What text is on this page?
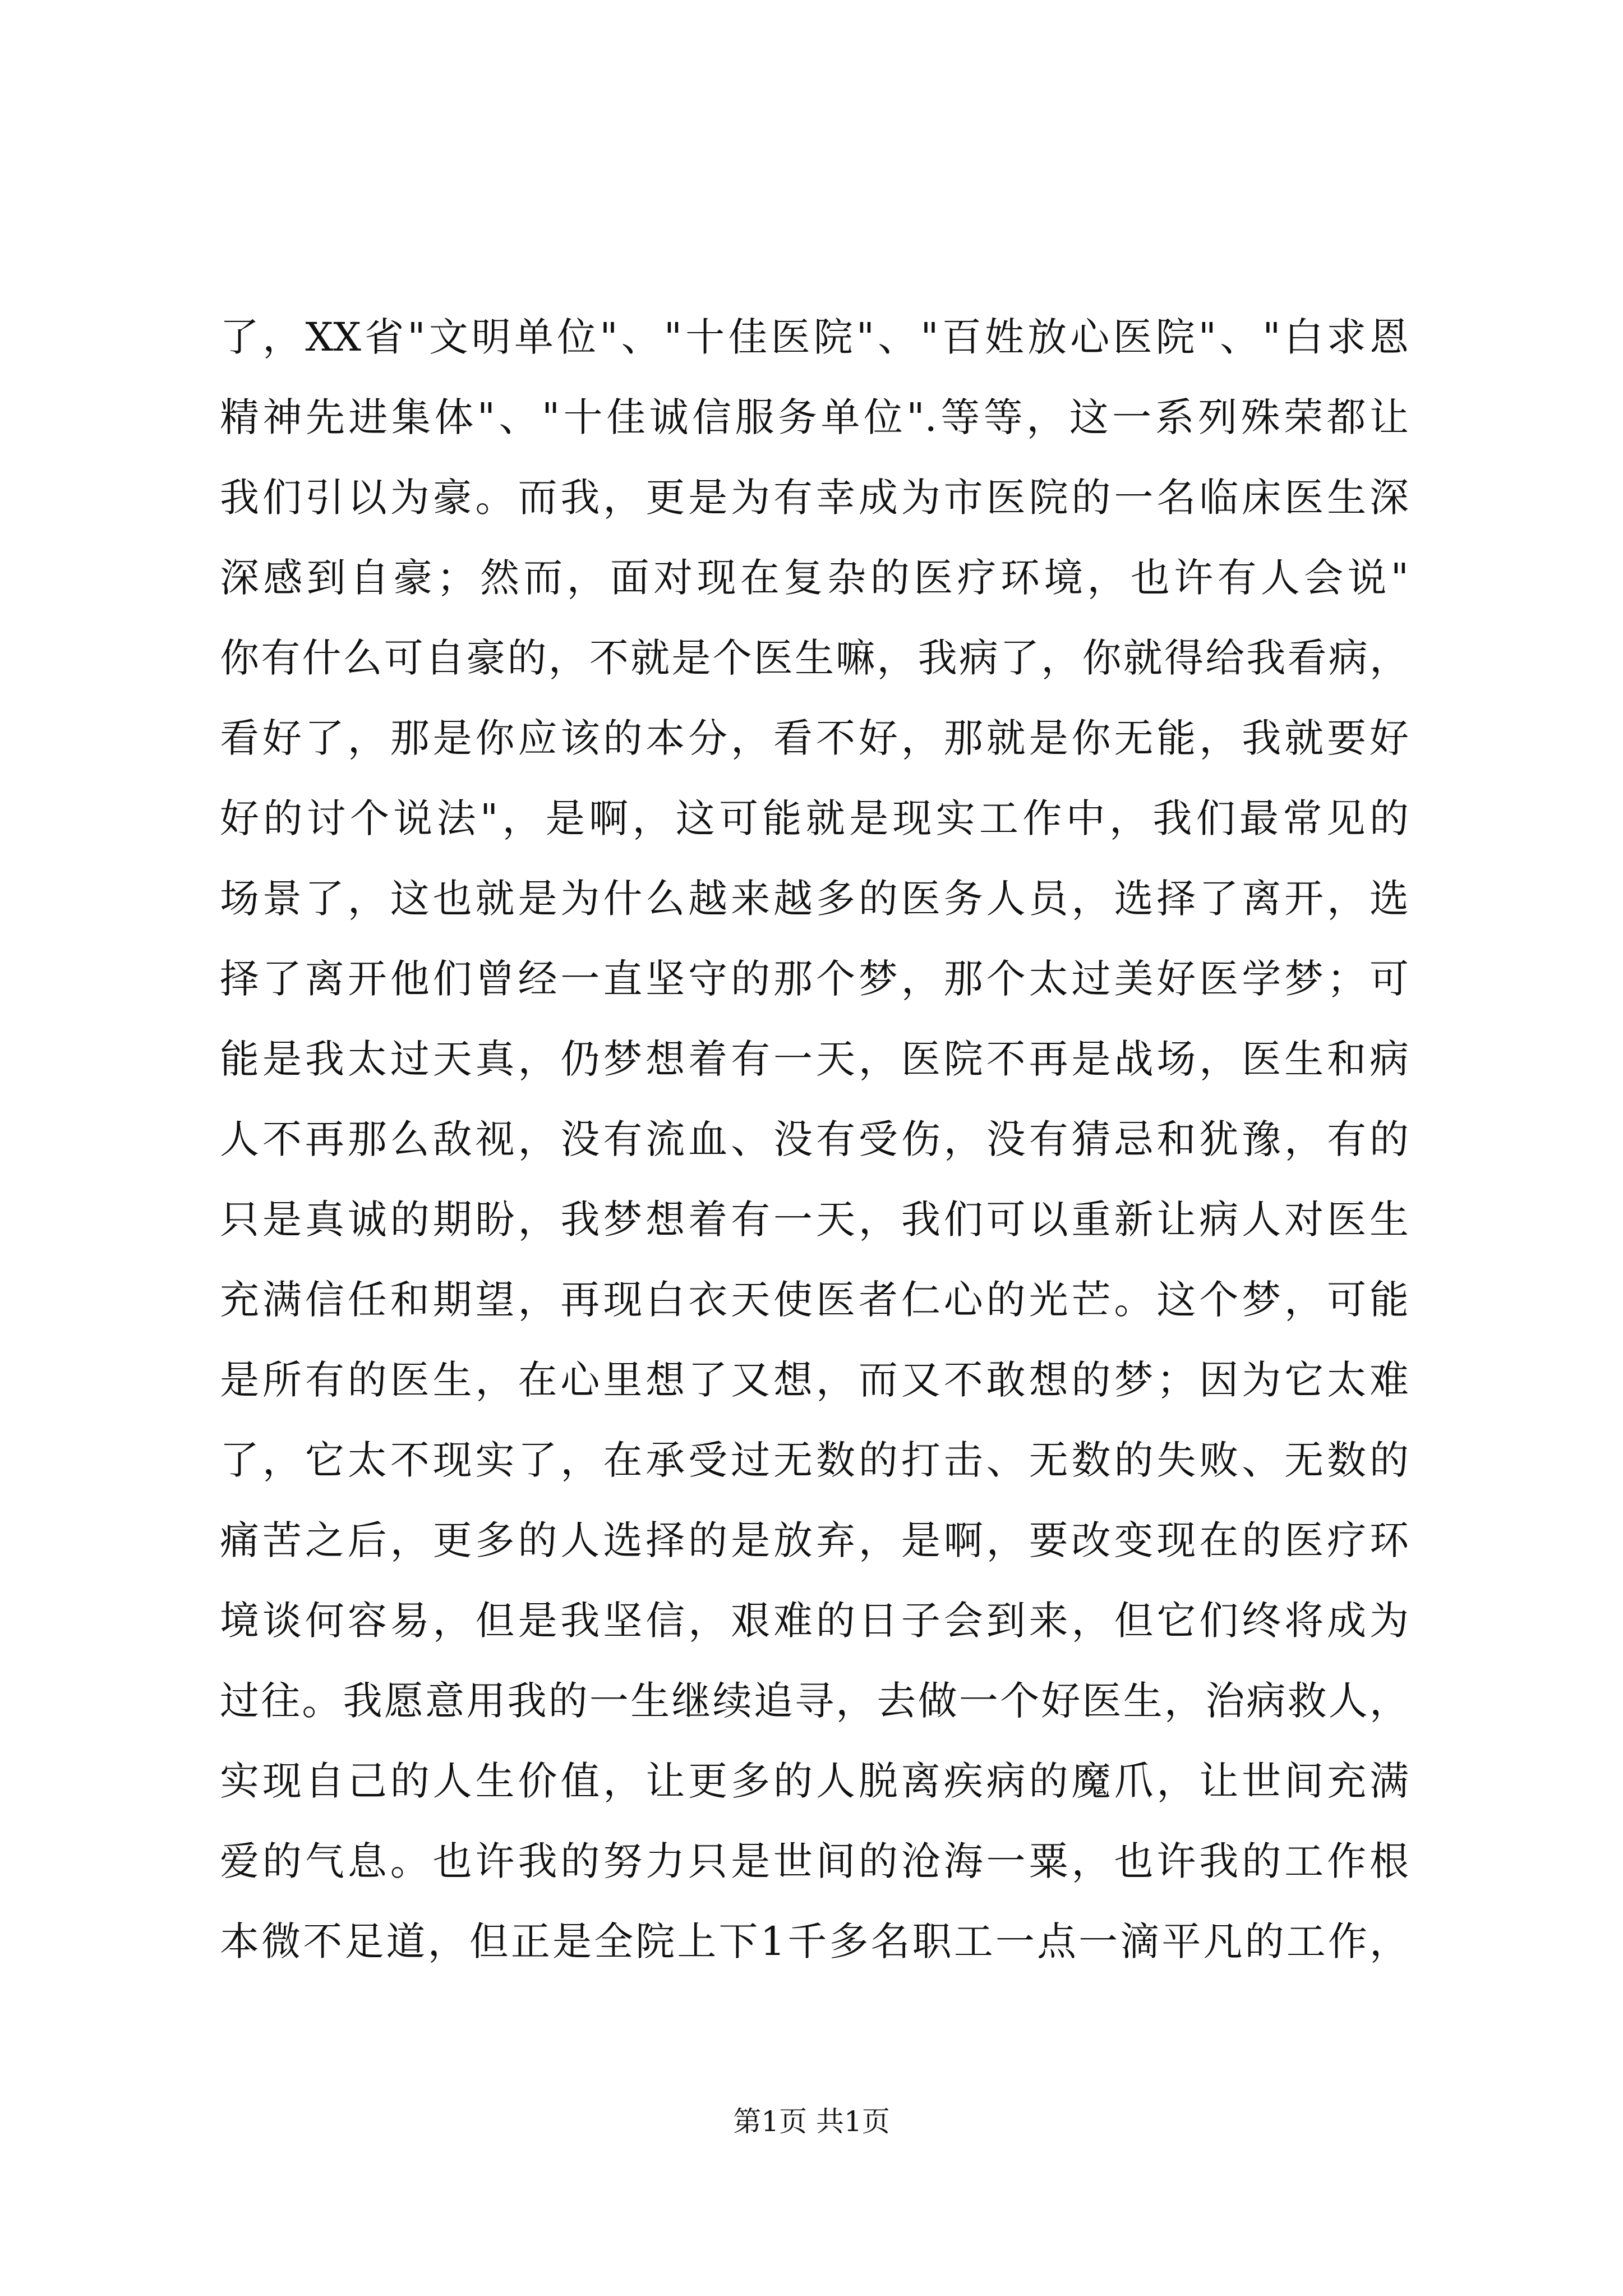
了，XX省"文明单位"、"十佳医院"、"百姓放心医院"、"白求恩
精神先进集体"、"十佳诚信服务单位".等等，这一系列殊荣都让
我们引以为豪。而我，更是为有幸成为市医院的一名临床医生深
深感到自豪；然而，面对现在复杂的医疗环境，也许有人会说"
你有什么可自豪的，不就是个医生嘛，我病了，你就得给我看病，
看好了，那是你应该的本分，看不好，那就是你无能，我就要好
好的讨个说法"，是啊，这可能就是现实工作中，我们最常见的
场景了，这也就是为什么越来越多的医务人员，选择了离开，选
择了离开他们曾经一直坚守的那个梦，那个太过美好医学梦；可
能是我太过天真，仍梦想着有一天，医院不再是战场，医生和病
人不再那么敌视，没有流血、没有受伤，没有猜忌和犹豫，有的
只是真诚的期盼，我梦想着有一天，我们可以重新让病人对医生
充满信任和期望，再现白衣天使医者仁心的光芒。这个梦，可能
是所有的医生，在心里想了又想，而又不敢想的梦；因为它太难
了，它太不现实了，在承受过无数的打击、无数的失败、无数的
痛苦之后，更多的人选择的是放弃，是啊，要改变现在的医疗环
境谈何容易，但是我坚信，艰难的日子会到来，但它们终将成为
过往。我愿意用我的一生继续追寻，去做一个好医生，治病救人，
实现自己的人生价值，让更多的人脱离疾病的魔爪，让世间充满
爱的气息。也许我的努力只是世间的沧海一粟，也许我的工作根
本微不足道，但正是全院上下1千多名职工一点一滴平凡的工作，
第1页 共1页
